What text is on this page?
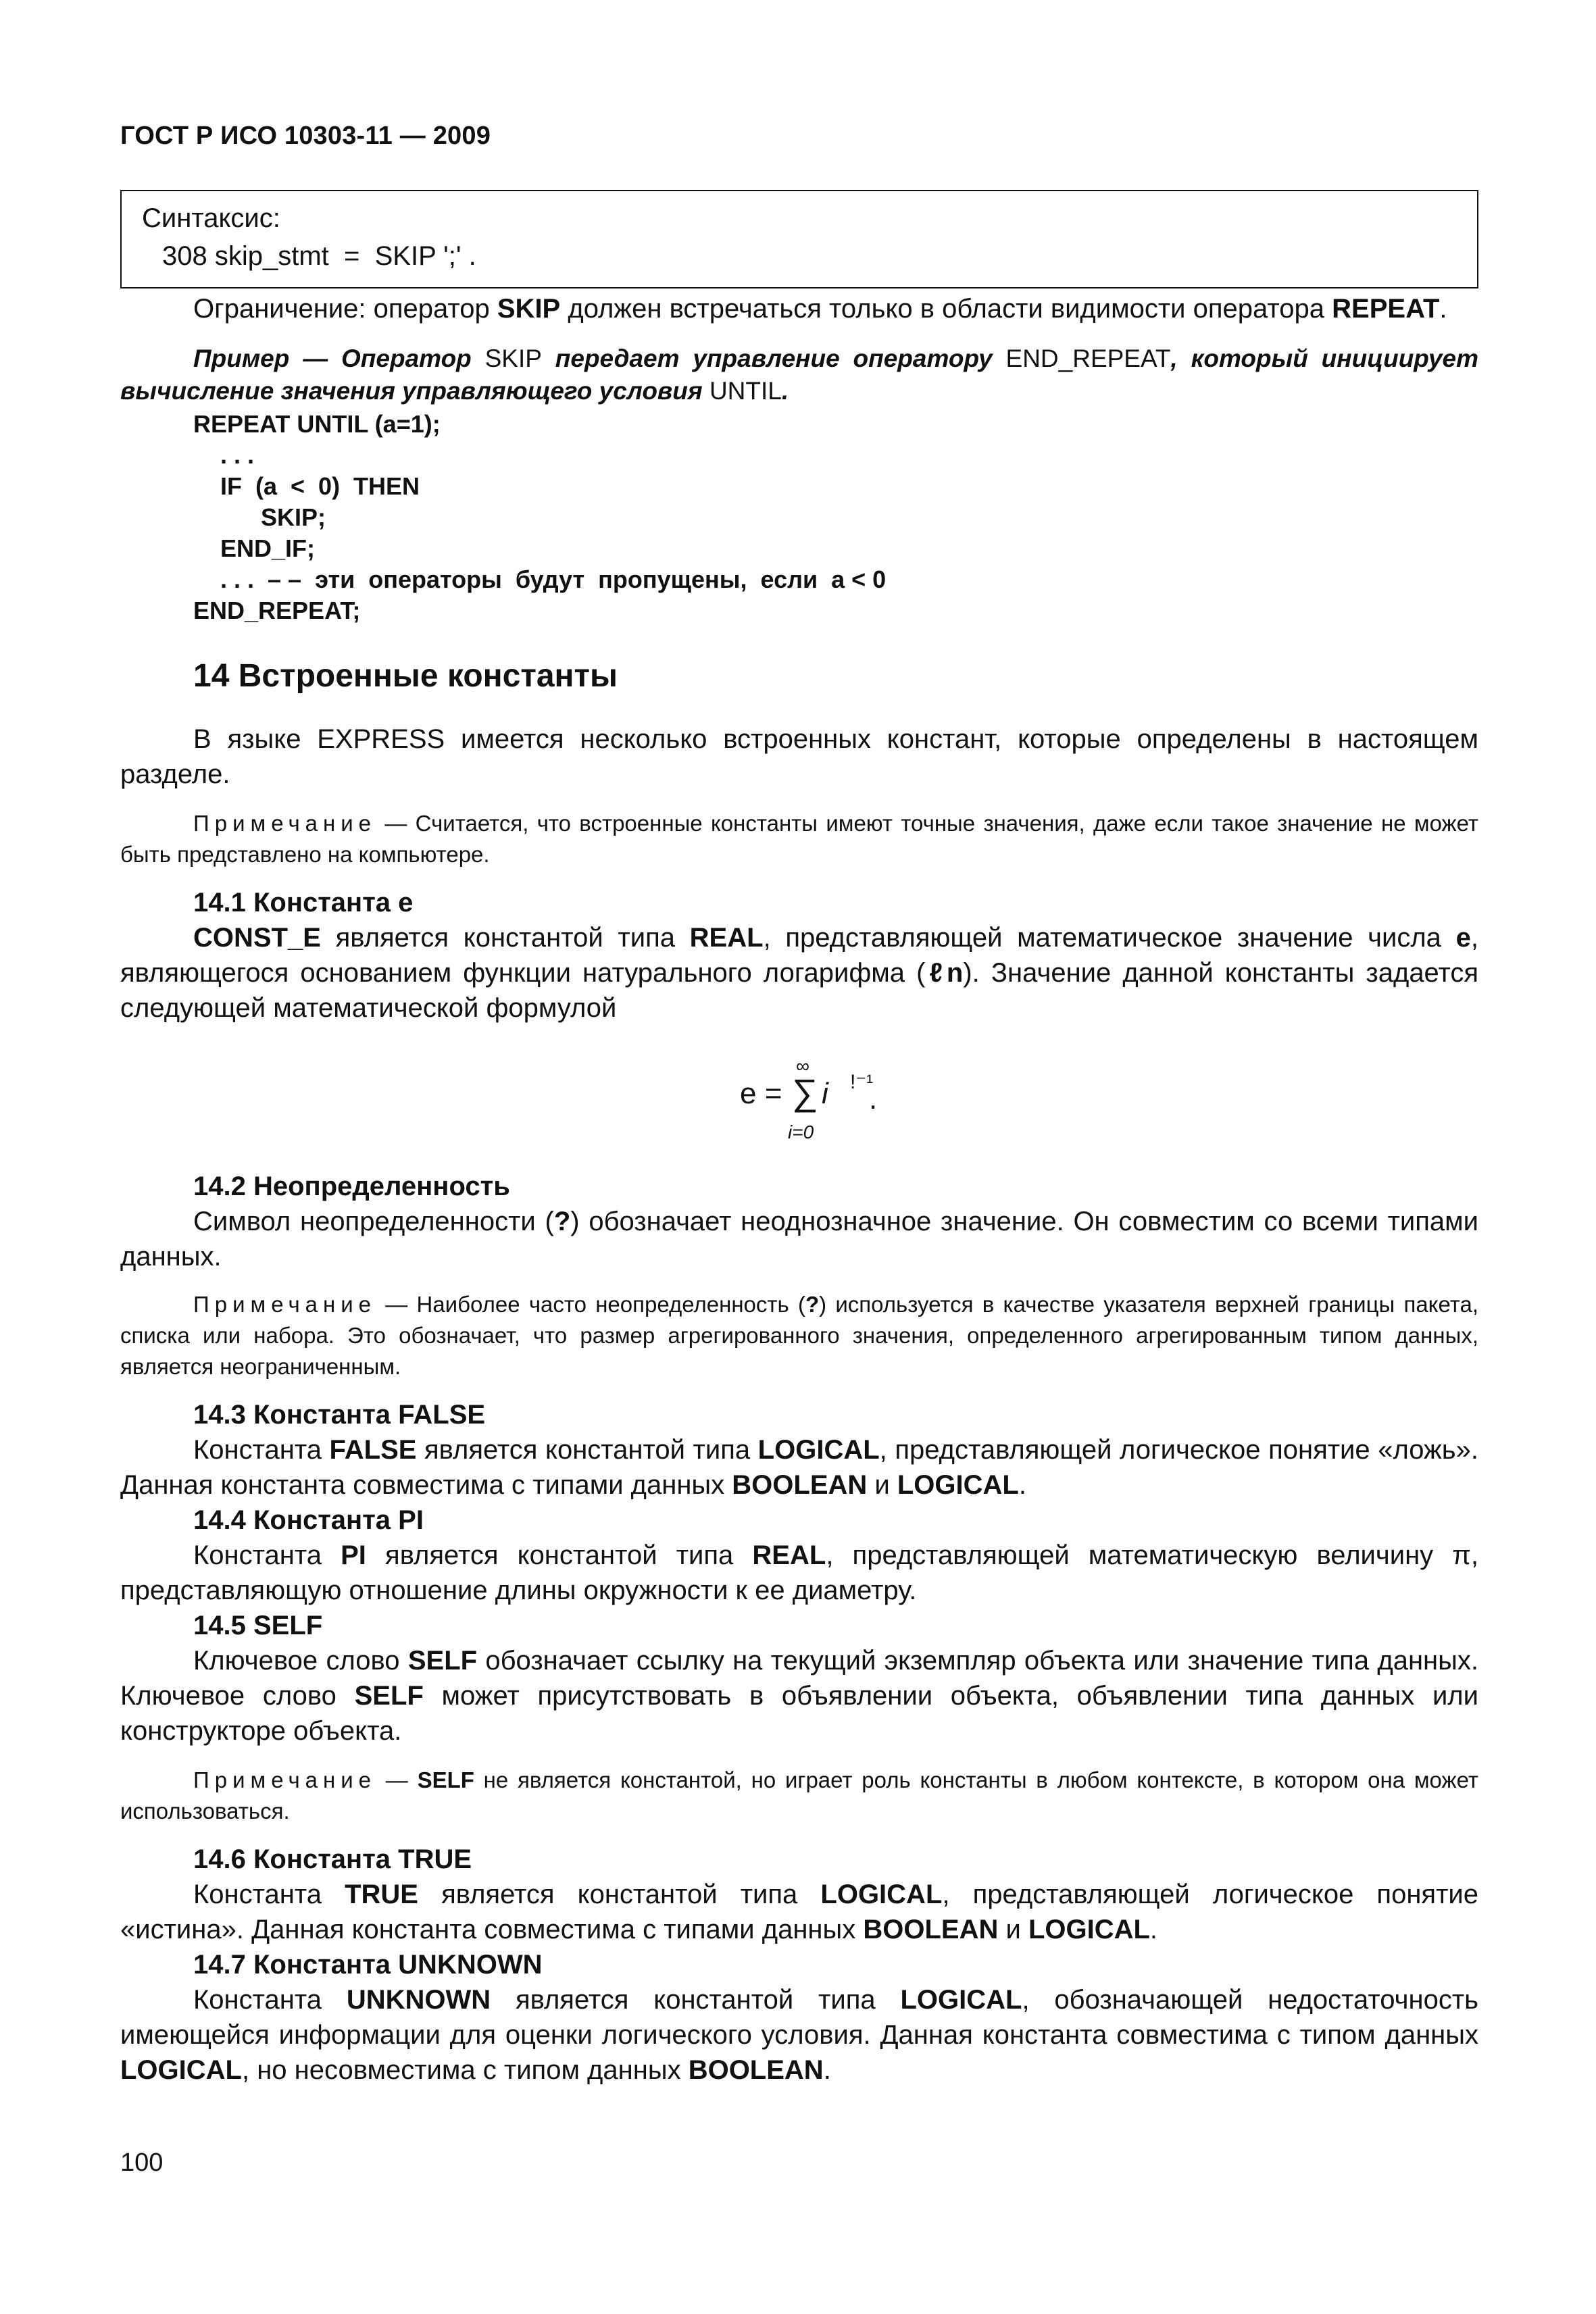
ГОСТ Р ИСО 10303-11 — 2009
Синтаксис:
308 skip_stmt  =  SKIP ';' .

Ограничение: оператор SKIP должен встречаться только в области видимости оператора REPEAT.

Пример — Оператор SKIP передает управление оператору END_REPEAT, который инициирует вычисление значения управляющего условия UNTIL.

REPEAT UNTIL (a=1);
. . .
IF  (a  <  0)  THEN
SKIP;
END_IF;
. . .  – –  эти  операторы  будут  пропущены,  если  a < 0
END_REPEAT;
14 Встроенные константы

В языке EXPRESS имеется несколько встроенных констант, которые определены в настоящем разделе.

Примечание — Считается, что встроенные константы имеют точные значения, даже если такое значение не может быть представлено на компьютере.

14.1 Константа e

CONST_E является константой типа REAL, представляющей математическое значение числа e, являющегося основанием функции натурального логарифма (ℓn). Значение данной константы задается следующей математической формулой

e =
∞
∑ i !⁻¹
i=0
.
14.2 Неопределенность

Символ неопределенности (?) обозначает неоднозначное значение. Он совместим со всеми типами данных.

Примечание — Наиболее часто неопределенность (?) используется в качестве указателя верхней границы пакета, списка или набора. Это обозначает, что размер агрегированного значения, определенного агрегированным типом данных, является неограниченным.

14.3 Константа FALSE

Константа FALSE является константой типа LOGICAL, представляющей логическое понятие «ложь». Данная константа совместима с типами данных BOOLEAN и LOGICAL.

14.4 Константа PI

Константа PI является константой типа REAL, представляющей математическую величину π, представляющую отношение длины окружности к ее диаметру.

14.5 SELF

Ключевое слово SELF обозначает ссылку на текущий экземпляр объекта или значение типа данных. Ключевое слово SELF может присутствовать в объявлении объекта, объявлении типа данных или конструкторе объекта.

Примечание — SELF не является константой, но играет роль константы в любом контексте, в котором она может использоваться.

14.6 Константа TRUE

Константа TRUE является константой типа LOGICAL, представляющей логическое понятие «истина». Данная константа совместима с типами данных BOOLEAN и LOGICAL.

14.7 Константа UNKNOWN

Константа UNKNOWN является константой типа LOGICAL, обозначающей недостаточность имеющейся информации для оценки логического условия. Данная константа совместима с типом данных LOGICAL, но несовместима с типом данных BOOLEAN.

100
